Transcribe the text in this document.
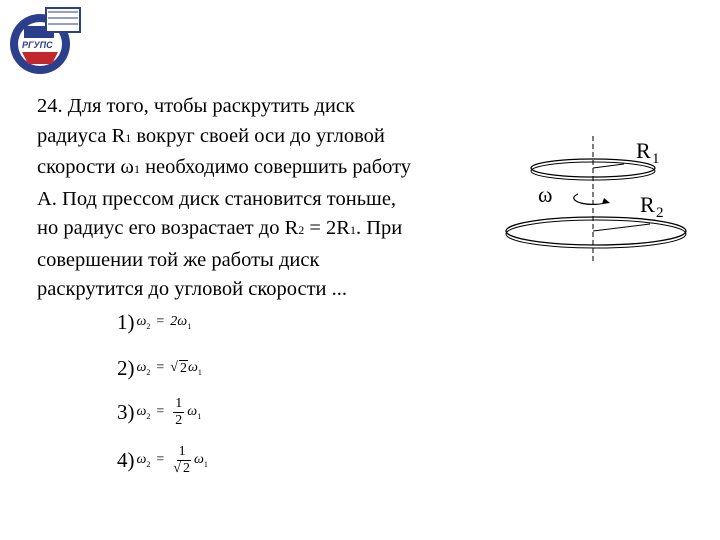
РГУПС
24. Для того, чтобы раскрутить диск
радиуса R1 вокруг своей оси до угловой
скорости ω1 необходимо совершить работу
А. Под прессом диск становится тоньше,
но радиус его возрастает до R2 = 2R1. При
совершении той же работы диск
раскрутится до угловой скорости ...
R 1
R 2
ω
1) ω 2 = 2ω 1
2) ω 2 = √ 2 ω 1
3) ω $2 = \frac{1}{2}$ ω 1
4) ω $2 = \frac{1}{√ 2}$ ω 1
